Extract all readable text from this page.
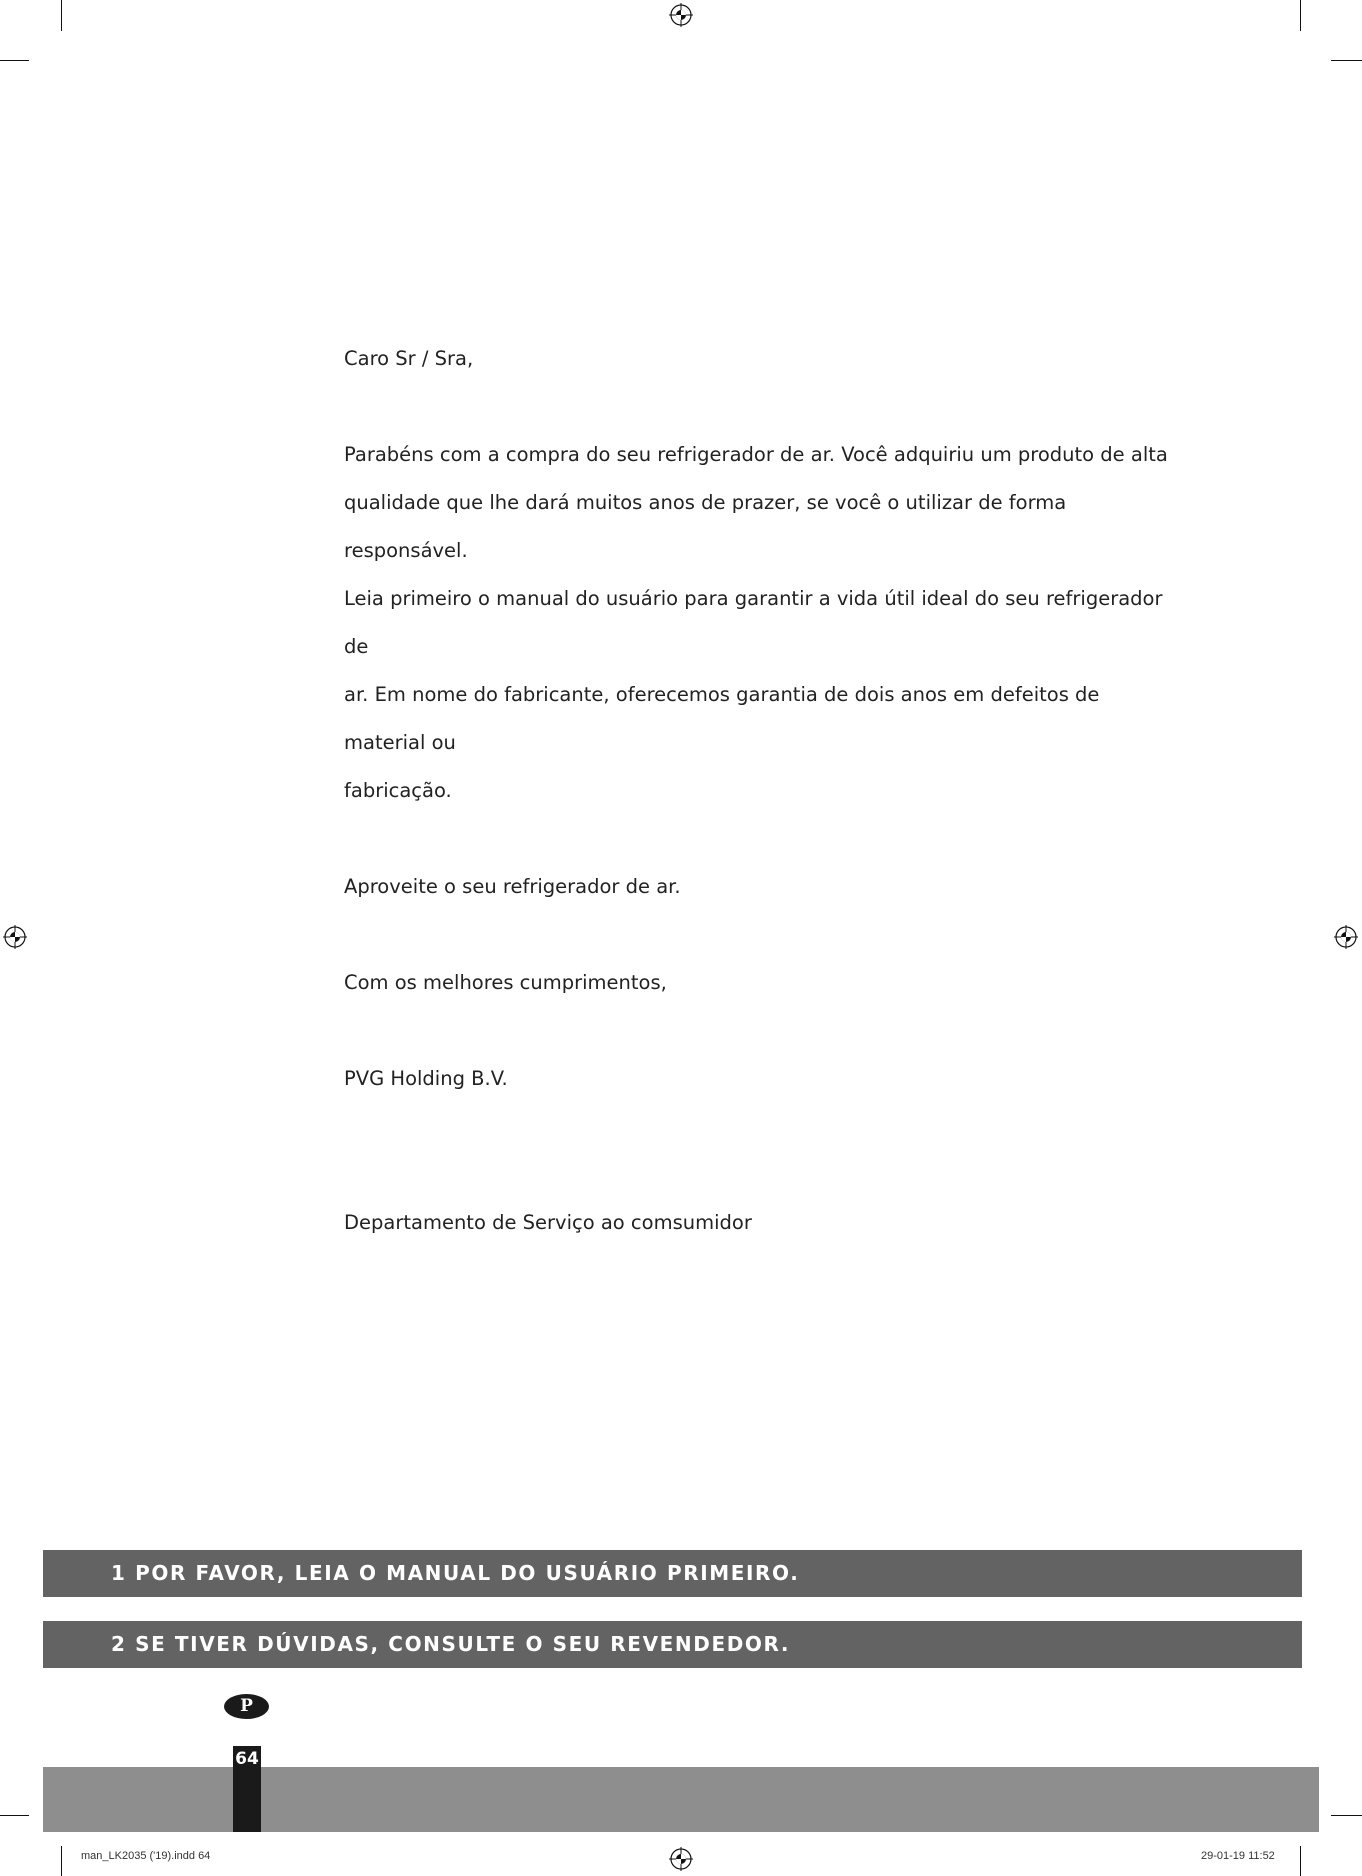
Caro Sr / Sra,

Parabéns com a compra do seu refrigerador de ar. Você adquiriu um produto de alta

qualidade que lhe dará muitos anos de prazer, se você o utilizar de forma responsável.

Leia primeiro o manual do usuário para garantir a vida útil ideal do seu refrigerador de

ar. Em nome do fabricante, oferecemos garantia de dois anos em defeitos de material ou

fabricação.

Aproveite o seu refrigerador de ar.

Com os melhores cumprimentos,

PVG Holding B.V.

Departamento de Serviço ao comsumidor

1 POR FAVOR, LEIA O MANUAL DO USUÁRIO PRIMEIRO.
2 SE TIVER DÚVIDAS, CONSULTE O SEU REVENDEDOR.
P
64
man_LK2035 ('19).indd 64	29-01-19 11:52
